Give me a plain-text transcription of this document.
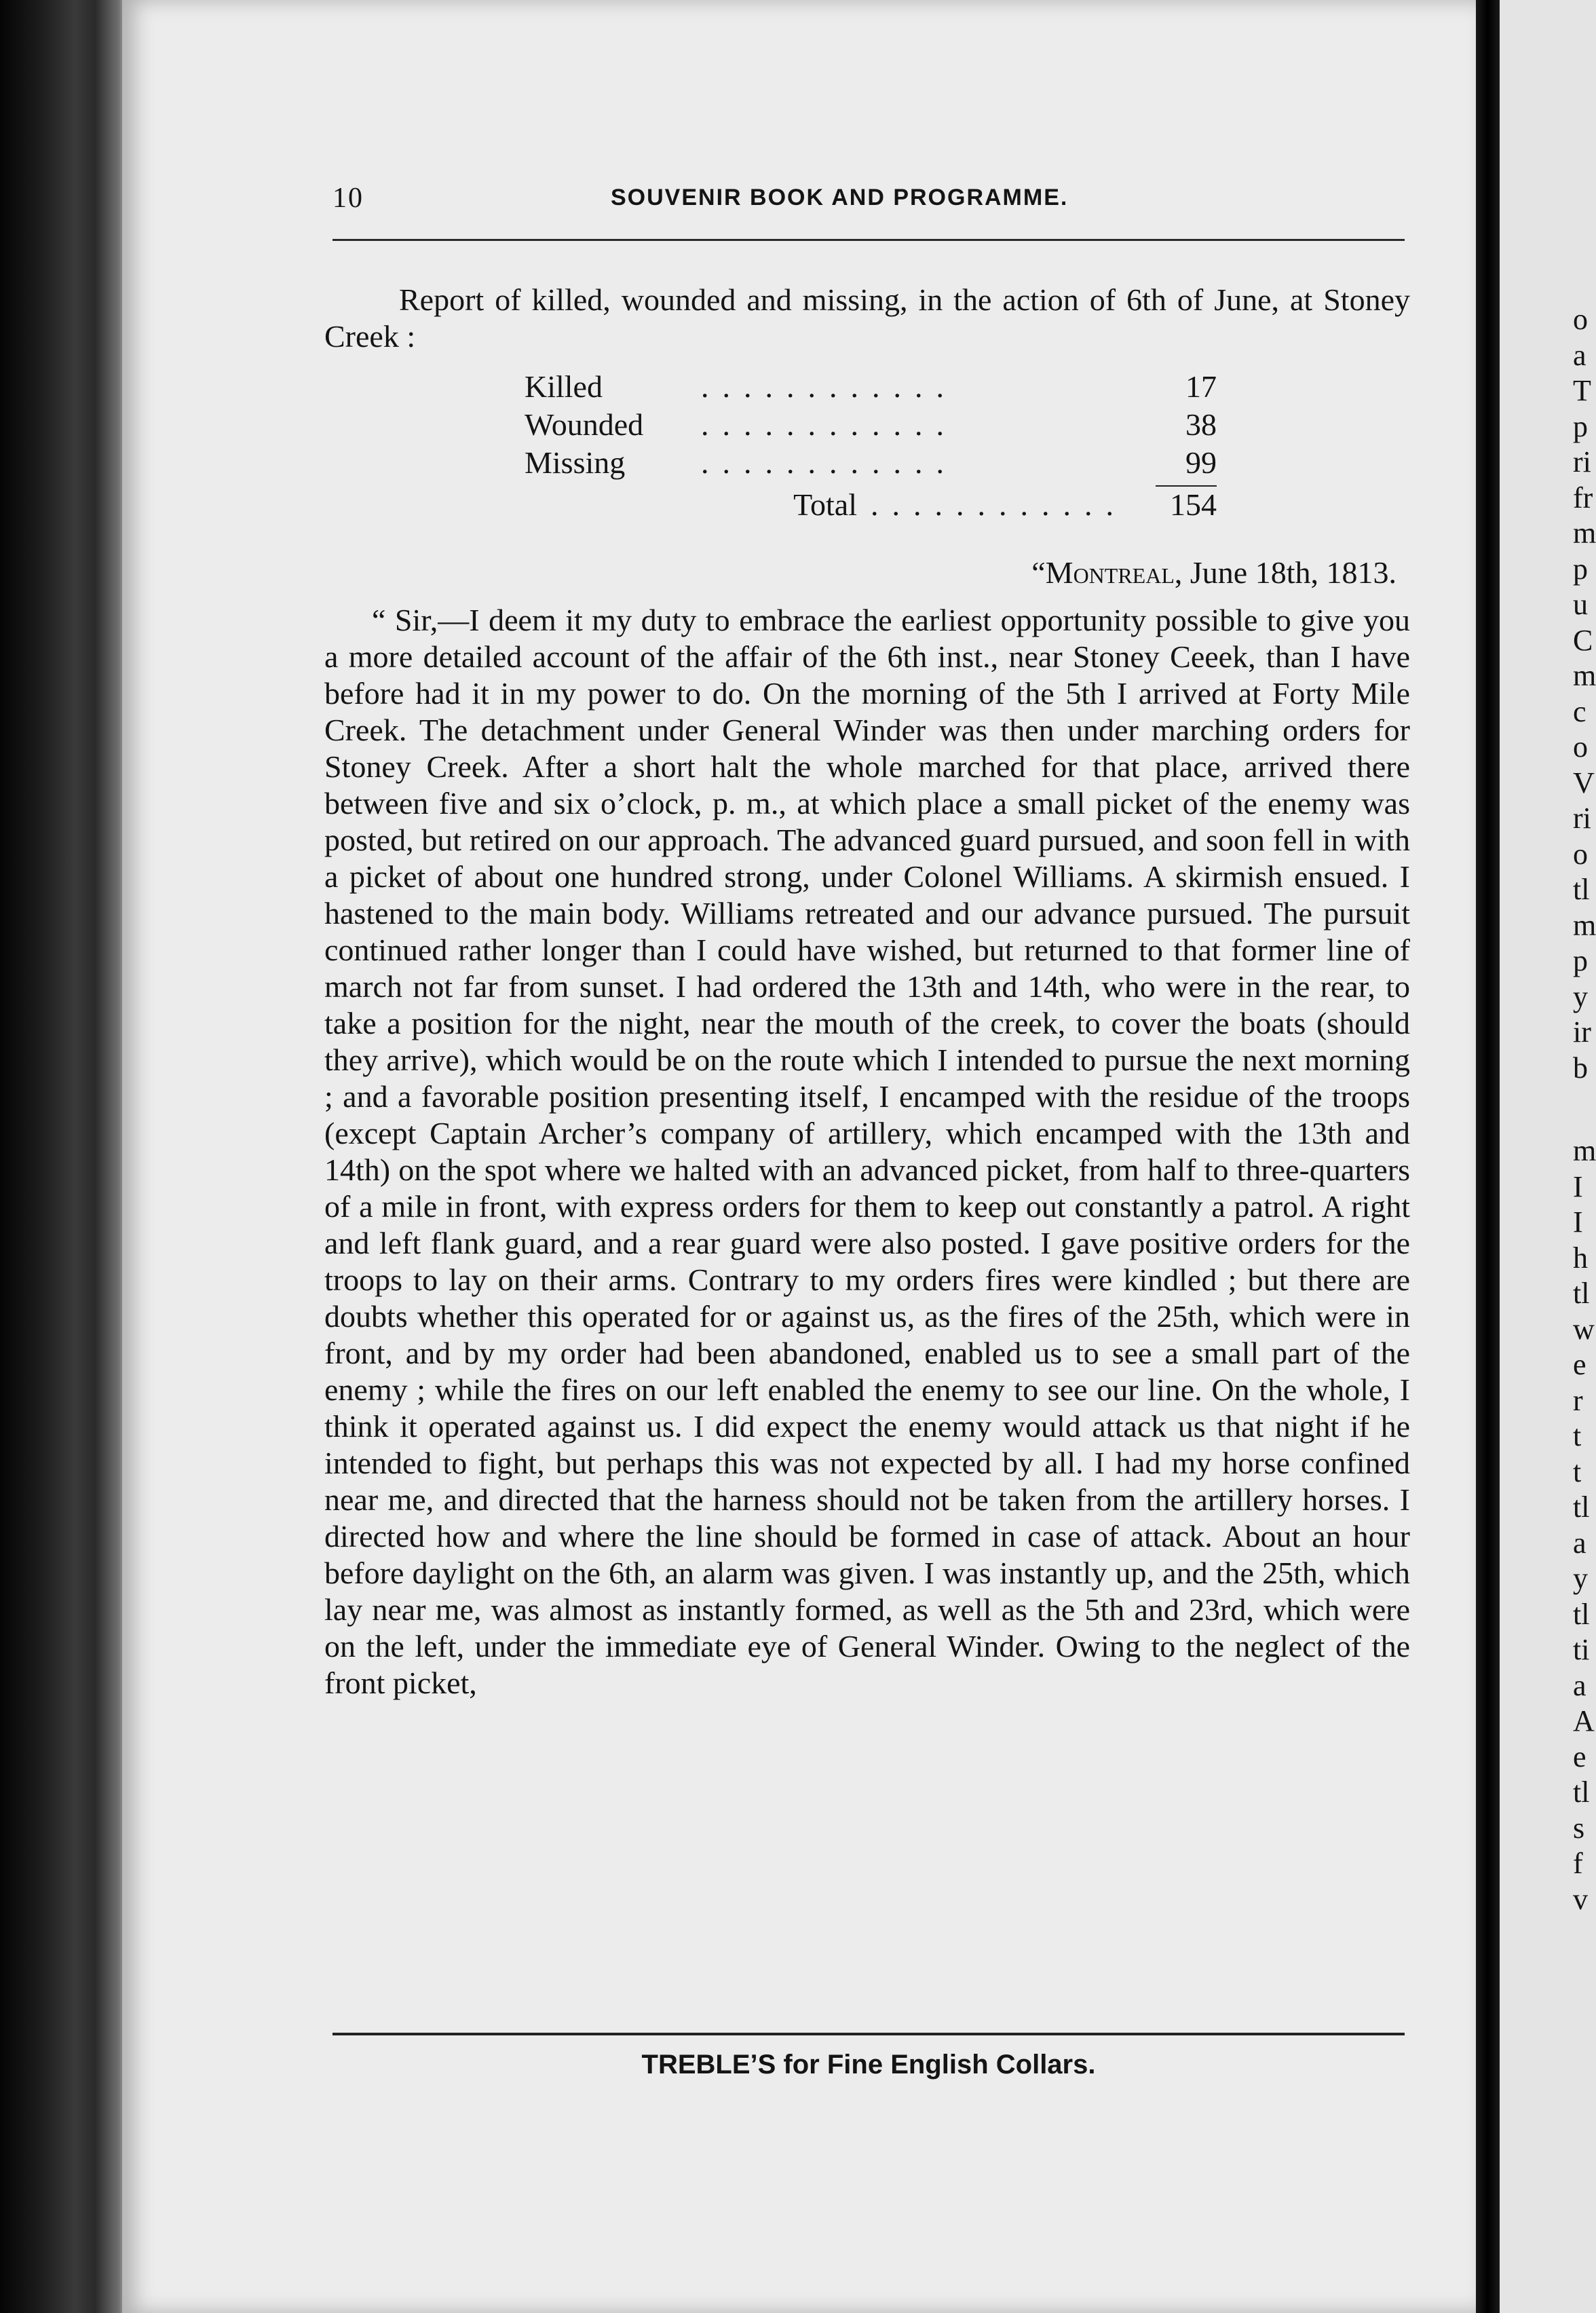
10	SOUVENIR BOOK AND PROGRAMME.

Report of killed, wounded and missing, in the action of 6th of June, at Stoney Creek :

Killed	............	17
Wounded	............	38
Missing	............	99
Total ............	154

“Montreal, June 18th, 1813.

“ Sir,—I deem it my duty to embrace the earliest opportunity possible to give you a more detailed account of the affair of the 6th inst., near Stoney Ceeek, than I have before had it in my power to do. On the morning of the 5th I arrived at Forty Mile Creek. The detachment under General Winder was then under marching orders for Stoney Creek. After a short halt the whole marched for that place, arrived there between five and six o’clock, p. m., at which place a small picket of the enemy was posted, but retired on our approach. The advanced guard pursued, and soon fell in with a picket of about one hundred strong, under Colonel Williams. A skirmish ensued. I hastened to the main body. Williams retreated and our advance pursued. The pursuit continued rather longer than I could have wished, but returned to that former line of march not far from sunset. I had ordered the 13th and 14th, who were in the rear, to take a position for the night, near the mouth of the creek, to cover the boats (should they arrive), which would be on the route which I intended to pursue the next morning ; and a favorable position presenting itself, I encamped with the residue of the troops (except Captain Archer’s company of artillery, which encamped with the 13th and 14th) on the spot where we halted with an advanced picket, from half to three-quarters of a mile in front, with express orders for them to keep out constantly a patrol. A right and left flank guard, and a rear guard were also posted. I gave positive orders for the troops to lay on their arms. Contrary to my orders fires were kindled ; but there are doubts whether this operated for or against us, as the fires of the 25th, which were in front, and by my order had been abandoned, enabled us to see a small part of the enemy ; while the fires on our left enabled the enemy to see our line. On the whole, I think it operated against us. I did expect the enemy would attack us that night if he intended to fight, but perhaps this was not expected by all. I had my horse confined near me, and directed that the harness should not be taken from the artillery horses. I directed how and where the line should be formed in case of attack. About an hour before daylight on the 6th, an alarm was given. I was instantly up, and the 25th, which lay near me, was almost as instantly formed, as well as the 5th and 23rd, which were on the left, under the immediate eye of General Winder. Owing to the neglect of the front picket,

TREBLE’S for Fine English Collars.
o
a
T
p
ri
fr
m
p
u
C
m
c
o
V
ri
o
tl
m
p
y
ir
b
m
I
I
h
tl
w
e
r
t
t
tl
a
y
tl
ti
a
A
e
tl
s
f
v
